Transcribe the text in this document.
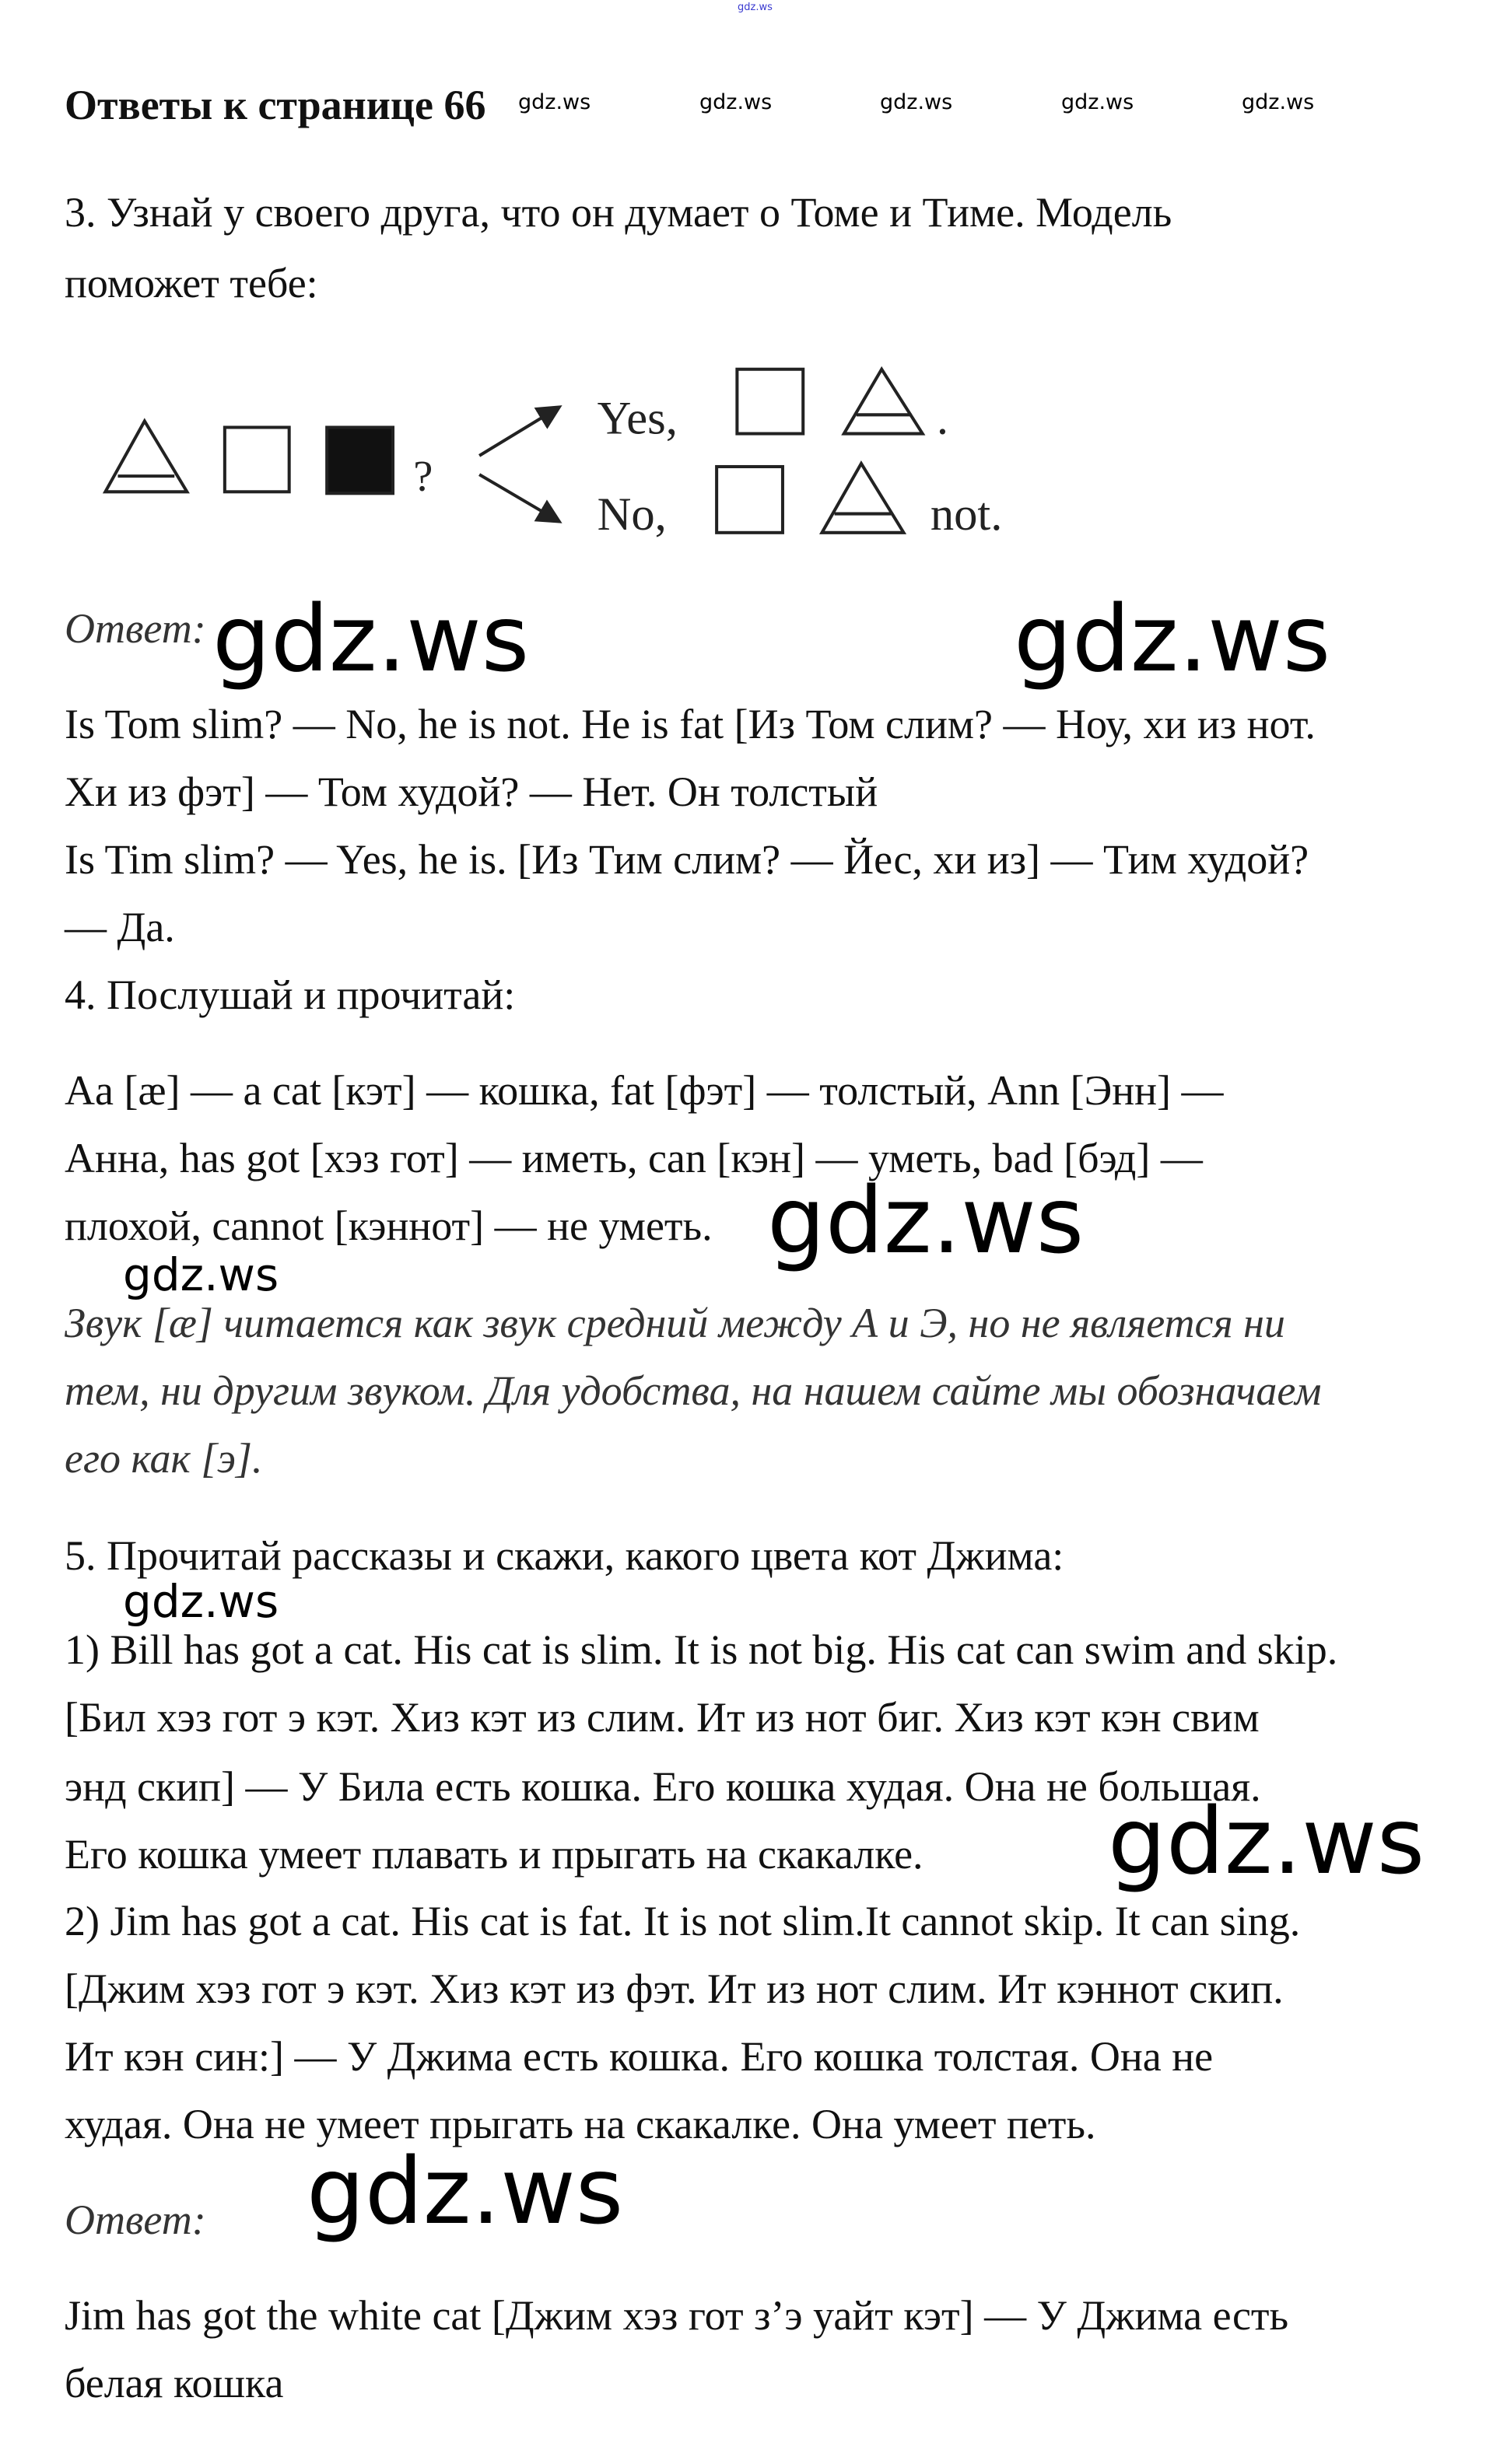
gdz.ws
Ответы к странице 66 gdz.ws	gdz.ws	gdz.ws	gdz.ws	gdz.ws
3. Узнай у своего друга, что он думает о Томе и Тиме. Модель
поможет тебе:
?
Yes,	.
No,	not.
Ответ: gdz.ws	gdz.ws
Is Tom slim? — No, he is not. He is fat [Из Том слим? — Ноу, хи из нот.
Хи из фэт] — Том худой? — Нет. Он толстый
Is Tim slim? — Yes, he is. [Из Тим слим? — Йес, хи из] — Тим худой?
— Да.
4. Послушай и прочитай:
Aa [æ] — a cat [кэт] — кошка, fat [фэт] — толстый, Ann [Энн] —
Анна, has got [хэз гот] — иметь, can [кэн] — уметь, bad [бэд] —
плохой, cannot [кэннот] — не уметь. gdz.ws
gdz.ws
Звук [æ] читается как звук средний между А и Э, но не является ни
тем, ни другим звуком. Для удобства, на нашем сайте мы обозначаем
его как [э].
5. Прочитай рассказы и скажи, какого цвета кот Джима:
gdz.ws
1) Bill has got a cat. His cat is slim. It is not big. His cat can swim and skip.
[Бил хэз гот э кэт. Хиз кэт из слим. Ит из нот биг. Хиз кэт кэн свим
энд скип] — У Била есть кошка. Его кошка худая. Она не большая.
Его кошка умеет плавать и прыгать на скакалке. gdz.ws
2) Jim has got a cat. His cat is fat. It is not slim.It cannot skip. It can sing.
[Джим хэз гот э кэт. Хиз кэт из фэт. Ит из нот слим. Ит кэннот скип.
Ит кэн син:] — У Джима есть кошка. Его кошка толстая. Она не
худая. Она не умеет прыгать на скакалке. Она умеет петь.
Ответ: gdz.ws
Jim has got the white cat [Джим хэз гот з’э уайт кэт] — У Джима есть
белая кошка
